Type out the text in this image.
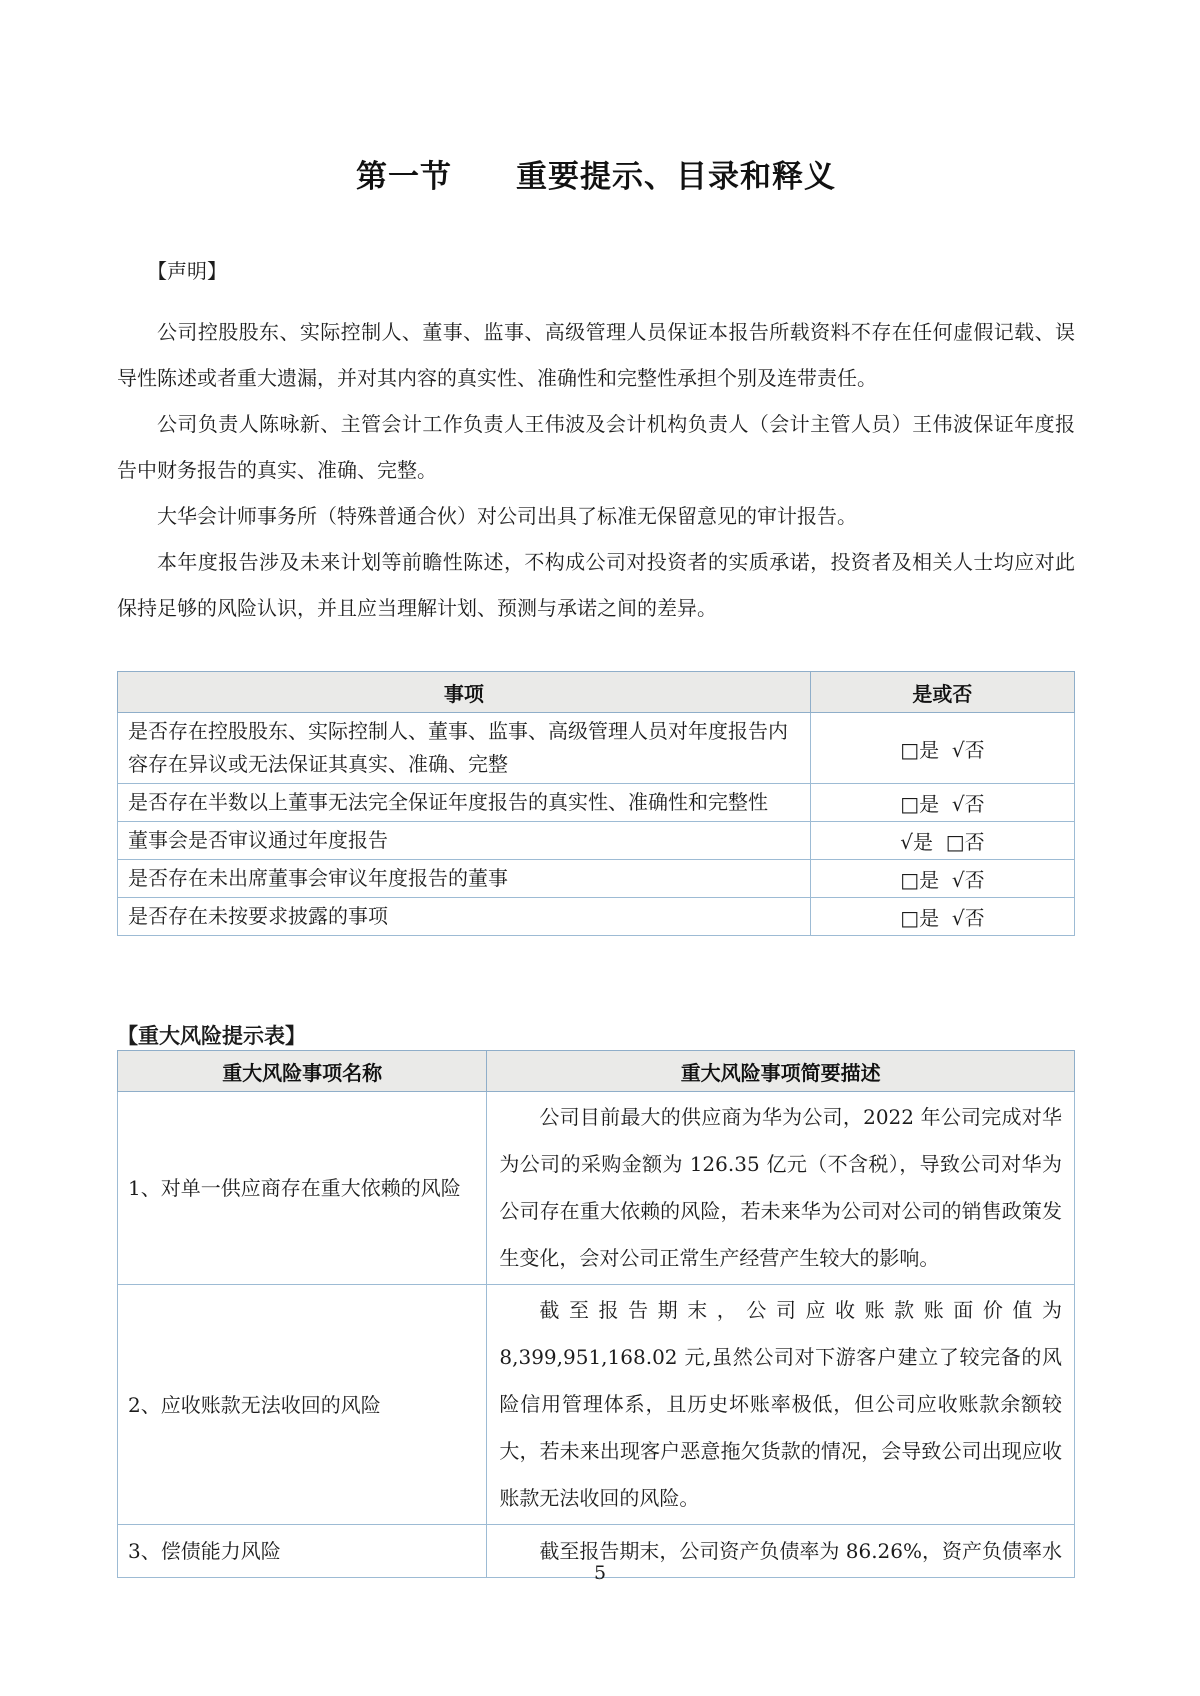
第一节　　重要提示、目录和释义
【声明】

公司控股股东、实际控制人、董事、监事、高级管理人员保证本报告所载资料不存在任何虚假记载、误导性陈述或者重大遗漏，并对其内容的真实性、准确性和完整性承担个别及连带责任。

公司负责人陈咏新、主管会计工作负责人王伟波及会计机构负责人（会计主管人员）王伟波保证年度报告中财务报告的真实、准确、完整。

大华会计师事务所（特殊普通合伙）对公司出具了标准无保留意见的审计报告。

本年度报告涉及未来计划等前瞻性陈述，不构成公司对投资者的实质承诺，投资者及相关人士均应对此保持足够的风险认识，并且应当理解计划、预测与承诺之间的差异。

事项	是或否
是否存在控股股东、实际控制人、董事、监事、高级管理人员对年度报告内容存在异议或无法保证其真实、准确、完整	□是  √否
是否存在半数以上董事无法完全保证年度报告的真实性、准确性和完整性	□是  √否
董事会是否审议通过年度报告	√是  □否
是否存在未出席董事会审议年度报告的董事	□是  √否
是否存在未按要求披露的事项	□是  √否
【重大风险提示表】
重大风险事项名称	重大风险事项简要描述
1、对单一供应商存在重大依赖的风险	公司目前最大的供应商为华为公司，2022 年公司完成对华为公司的采购金额为 126.35 亿元（不含税），导致公司对华为公司存在重大依赖的风险，若未来华为公司对公司的销售政策发生变化，会对公司正常生产经营产生较大的影响。

2、应收账款无法收回的风险	截至报告期末，公司应收账款账面价值为 8,399,951,168.02 元,虽然公司对下游客户建立了较完备的风险信用管理体系，且历史坏账率极低，但公司应收账款余额较大，若未来出现客户恶意拖欠货款的情况，会导致公司出现应收账款无法收回的风险。

3、偿债能力风险	截至报告期末，公司资产负债率为 86.26%，资产负债率水

5
